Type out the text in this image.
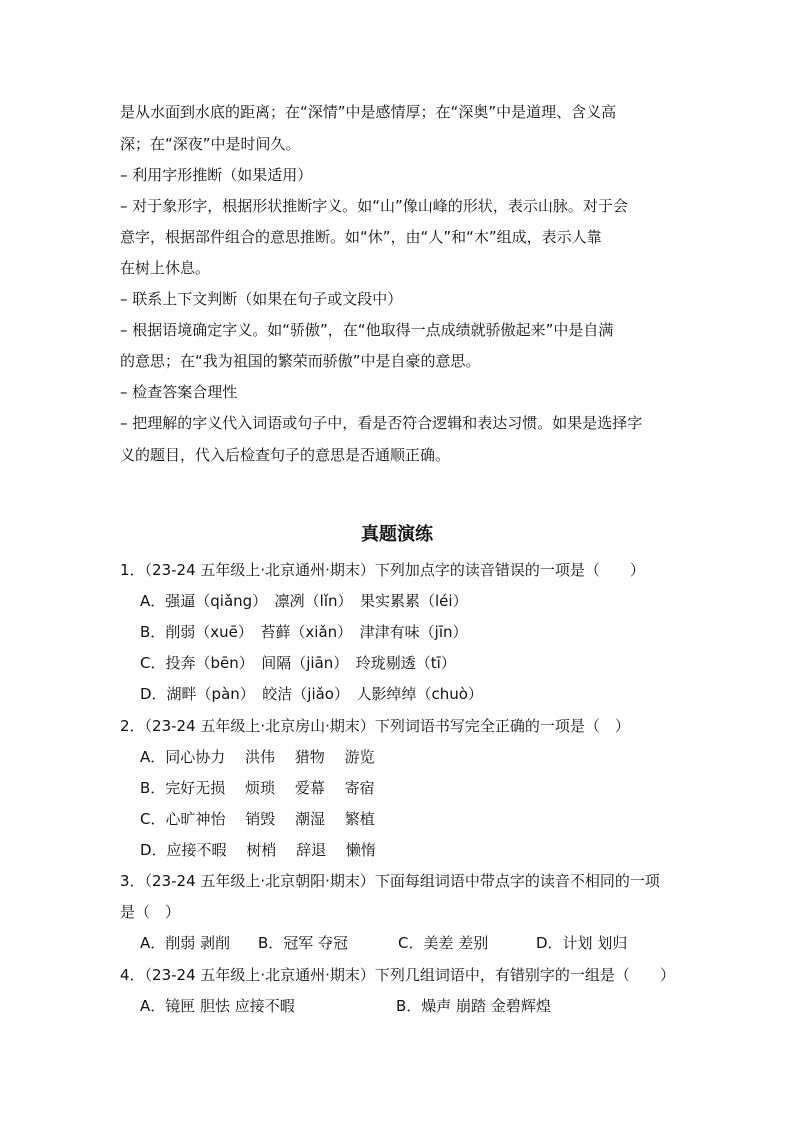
是从水面到水底的距离；在“深情”中是感情厚；在“深奥”中是道理、含义高
深；在“深夜”中是时间久。
– 利用字形推断（如果适用）
– 对于象形字，根据形状推断字义。如“山”像山峰的形状，表示山脉。对于会
意字，根据部件组合的意思推断。如“休”，由“人”和“木”组成，表示人靠
在树上休息。
– 联系上下文判断（如果在句子或文段中）
– 根据语境确定字义。如“骄傲”，在“他取得一点成绩就骄傲起来”中是自满
的意思；在“我为祖国的繁荣而骄傲”中是自豪的意思。
– 检查答案合理性
– 把理解的字义代入词语或句子中，看是否符合逻辑和表达习惯。如果是选择字
义的题目，代入后检查句子的意思是否通顺正确。
真题演练
1．（23-24 五年级上·北京通州·期末）下列加点字的读音错误的一项是（　　）
A．强逼（qiǎng）　凛冽（lǐn）　果实累累（léi）
B．削弱（xuē）　苔藓（xiǎn）　津津有味（jīn）
C．投奔（bēn）　间隔（jiān）　玲珑剔透（tī）
D．湖畔（pàn）　皎洁（jiǎo）　人影绰绰（chuò）
2．（23-24 五年级上·北京房山·期末）下列词语书写完全正确的一项是（　）
A．同心协力　 洪伟　 猎物　 游览
B．完好无损　 烦琐　 爱幕　 寄宿
C．心旷神怡　 销毁　 潮湿　 繁植
D．应接不暇　 树梢　 辞退　 懒惰
3．（23-24 五年级上·北京朝阳·期末）下面每组词语中带点字的读音不相同的一项
是（　）
A．削弱 剥削 B．冠军 夺冠	C．美差 差别	D．计划 划归
4．（23-24 五年级上·北京通州·期末）下列几组词语中，有错别字的一组是（　　）
A．镜匣 胆怯 应接不暇	B．燥声 崩踏 金碧辉煌
